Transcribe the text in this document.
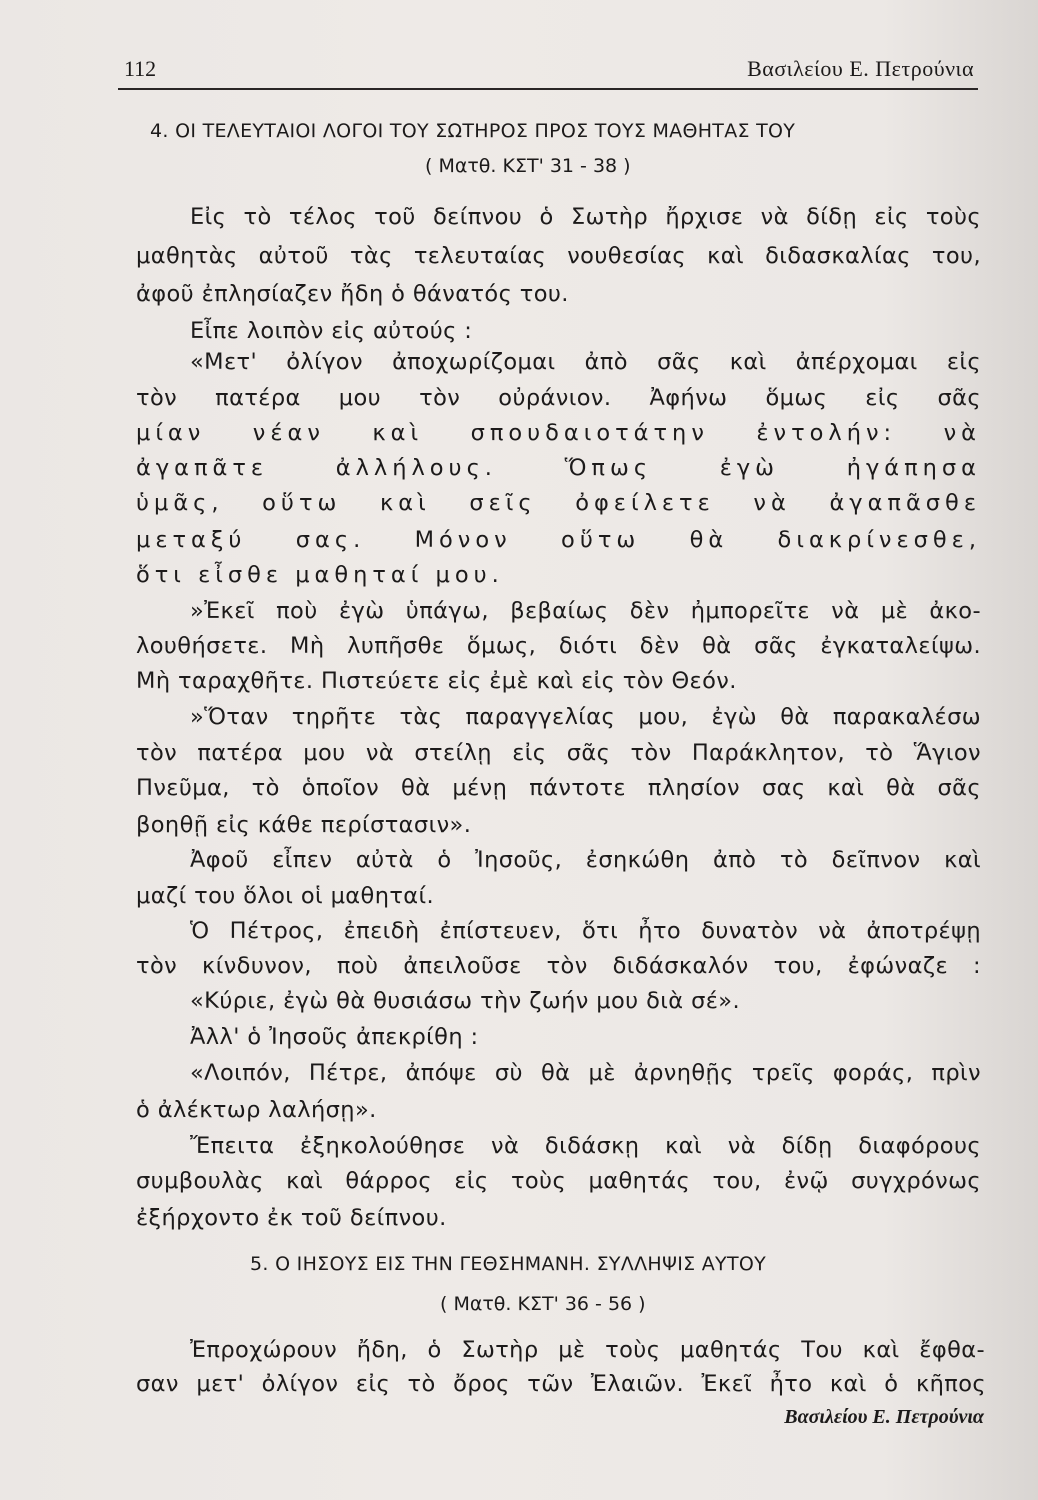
112	Βασιλείου Ε. Πετρούνια
4. ΟΙ ΤΕΛΕΥΤΑΙΟΙ ΛΟΓΟΙ ΤΟΥ ΣΩΤΗΡΟΣ ΠΡΟΣ ΤΟΥΣ ΜΑΘΗΤΑΣ ΤΟΥ
( Ματθ. ΚΣΤ' 31 - 38 )
Εἰς τὸ τέλος τοῦ δείπνου ὁ Σωτὴρ ἤρχισε νὰ δίδῃ εἰς τοὺς
μαθητὰς αὐτοῦ τὰς τελευταίας νουθεσίας καὶ διδασκαλίας του,
ἀφοῦ ἐπλησίαζεν ἤδη ὁ θάνατός του.
Εἶπε λοιπὸν εἰς αὐτούς :
«Μετ' ὀλίγον ἀποχωρίζομαι ἀπὸ σᾶς καὶ ἀπέρχομαι εἰς
τὸν πατέρα μου τὸν οὐράνιον. Ἀφήνω ὅμως εἰς σᾶς
μίαν νέαν καὶ σπουδαιοτάτην ἐντολήν: νὰ
ἀγαπᾶτε ἀλλήλους. Ὅπως ἐγὼ ἠγάπησα
ὑμᾶς, οὕτω καὶ σεῖς ὀφείλετε νὰ ἀγαπᾶσθε
μεταξύ σας. Μόνον οὕτω θὰ διακρίνεσθε,
ὅτι εἶσθε μαθηταί μου.
»Ἐκεῖ ποὺ ἐγὼ ὑπάγω, βεβαίως δὲν ἠμπορεῖτε νὰ μὲ ἀκο-
λουθήσετε. Μὴ λυπῆσθε ὅμως, διότι δὲν θὰ σᾶς ἐγκαταλείψω.
Μὴ ταραχθῆτε. Πιστεύετε εἰς ἐμὲ καὶ εἰς τὸν Θεόν.
»Ὅταν τηρῆτε τὰς παραγγελίας μου, ἐγὼ θὰ παρακαλέσω
τὸν πατέρα μου νὰ στείλῃ εἰς σᾶς τὸν Παράκλητον, τὸ Ἅγιον
Πνεῦμα, τὸ ὁποῖον θὰ μένῃ πάντοτε πλησίον σας καὶ θὰ σᾶς
βοηθῇ εἰς κάθε περίστασιν».
Ἀφοῦ εἶπεν αὐτὰ ὁ Ἰησοῦς, ἐσηκώθη ἀπὸ τὸ δεῖπνον καὶ
μαζί του ὅλοι οἱ μαθηταί.
Ὁ Πέτρος, ἐπειδὴ ἐπίστευεν, ὅτι ἦτο δυνατὸν νὰ ἀποτρέψῃ
τὸν κίνδυνον, ποὺ ἀπειλοῦσε τὸν διδάσκαλόν του, ἐφώναζε :
«Κύριε, ἐγὼ θὰ θυσιάσω τὴν ζωήν μου διὰ σέ».
Ἀλλ' ὁ Ἰησοῦς ἀπεκρίθη :
«Λοιπόν, Πέτρε, ἀπόψε σὺ θὰ μὲ ἀρνηθῇς τρεῖς φοράς, πρὶν
ὁ ἀλέκτωρ λαλήσῃ».
Ἔπειτα ἐξηκολούθησε νὰ διδάσκῃ καὶ νὰ δίδῃ διαφόρους
συμβουλὰς καὶ θάρρος εἰς τοὺς μαθητάς του, ἐνῷ συγχρόνως
ἐξήρχοντο ἐκ τοῦ δείπνου.
5. Ο ΙΗΣΟΥΣ ΕΙΣ ΤΗΝ ΓΕΘΣΗΜΑΝΗ. ΣΥΛΛΗΨΙΣ ΑΥΤΟΥ
( Ματθ. ΚΣΤ' 36 - 56 )
Ἐπροχώρουν ἤδη, ὁ Σωτὴρ μὲ τοὺς μαθητάς Του καὶ ἔφθα-
σαν μετ' ὀλίγον εἰς τὸ ὄρος τῶν Ἐλαιῶν. Ἐκεῖ ἦτο καὶ ὁ κῆπος
Βασιλείου Ε. Πετρούνια
